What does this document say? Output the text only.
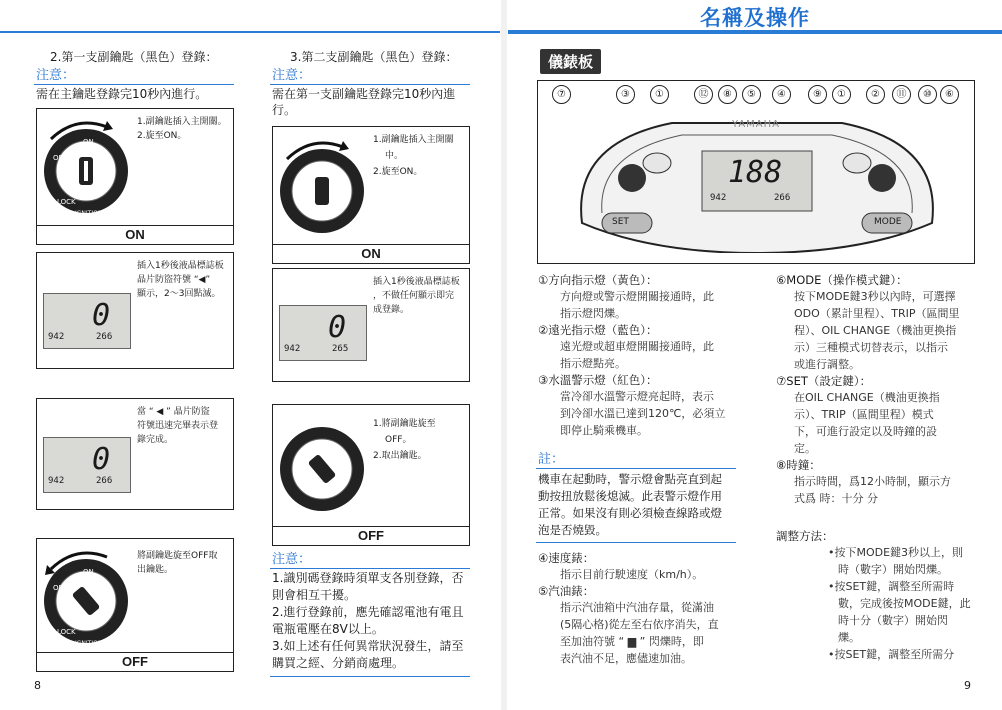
名稱及操作
2.第一支副鑰匙（黑色）登錄：
注意：
需在主鑰匙登錄完10秒內進行。
ON
OFF
LOCK
IGNITION
1.副鑰匙插入主開關。
2.旋至ON。
ON
0
942	266
插入1秒後液晶標誌板
晶片防盜符號 “◀”
顯示，2～3回點滅。
0
942	266
當 “ ◀ ” 晶片防盜
符號迅速完畢表示登
錄完成。
ON
OFF
LOCK
IGNITION
將副鑰匙旋至OFF取
出鑰匙。
OFF
8
3.第二支副鑰匙（黑色）登錄：
注意：
需在第一支副鑰匙登錄完10秒內進
行。
1.副鑰匙插入主開關
中。
2.旋至ON。
ON
0
942	265
插入1秒後液晶標誌板
，不做任何顯示即完
成登錄。
1.將副鑰匙旋至
OFF。
2.取出鑰匙。
OFF
注意：
1.識別碼登錄時須單支各別登錄，否
則會相互干擾。
2.進行登錄前，應先確認電池有電且
電瓶電壓在8V以上。
3.如上述有任何異常狀況發生，請至
購買之經、分銷商處理。
儀錶板
⑦	③	①	⑫	⑧	⑤	④	⑨	①	②	⑪	⑩	⑥
YAMAHA
188
942	266
SET	MODE
①方向指示燈（黃色）：
方向燈或警示燈開關接通時，此
指示燈閃爍。
②遠光指示燈（藍色）：
遠光燈或超車燈開關接通時，此
指示燈點亮。
③水溫警示燈（紅色）：
當冷卻水溫警示燈亮起時，表示
到冷卻水溫已達到120℃，必須立
即停止騎乘機車。
註：
機車在起動時，警示燈會點亮直到起
動按扭放鬆後熄滅。此表警示燈作用
正常。如果沒有則必須檢查線路或燈
泡是否燒毀。
④速度錶：
指示目前行駛速度（km/h）。
⑤汽油錶：
指示汽油箱中汽油存量，從滿油
(5隔心格)從左至右依序消失，直
至加油符號 “ ▆ ” 閃爍時，即
表汽油不足，應儘速加油。
⑥MODE（操作模式鍵）：
按下MODE鍵3秒以內時，可選擇
ODO（累計里程）、TRIP（區間里
程）、OIL CHANGE（機油更換指
示）三種模式切替表示，以指示
或進行調整。
⑦SET（設定鍵）：
在OIL CHANGE（機油更換指
示）、TRIP（區間里程）模式
下，可進行設定以及時鐘的設
定。
⑧時鐘：
指示時間，爲12小時制，顯示方
式爲 時：十分 分
調整方法：
•按下MODE鍵3秒以上，則
時（數字）開始閃爍。
•按SET鍵，調整至所需時
數，完成後按MODE鍵，此
時十分（數字）開始閃
爍。
•按SET鍵，調整至所需分
9
